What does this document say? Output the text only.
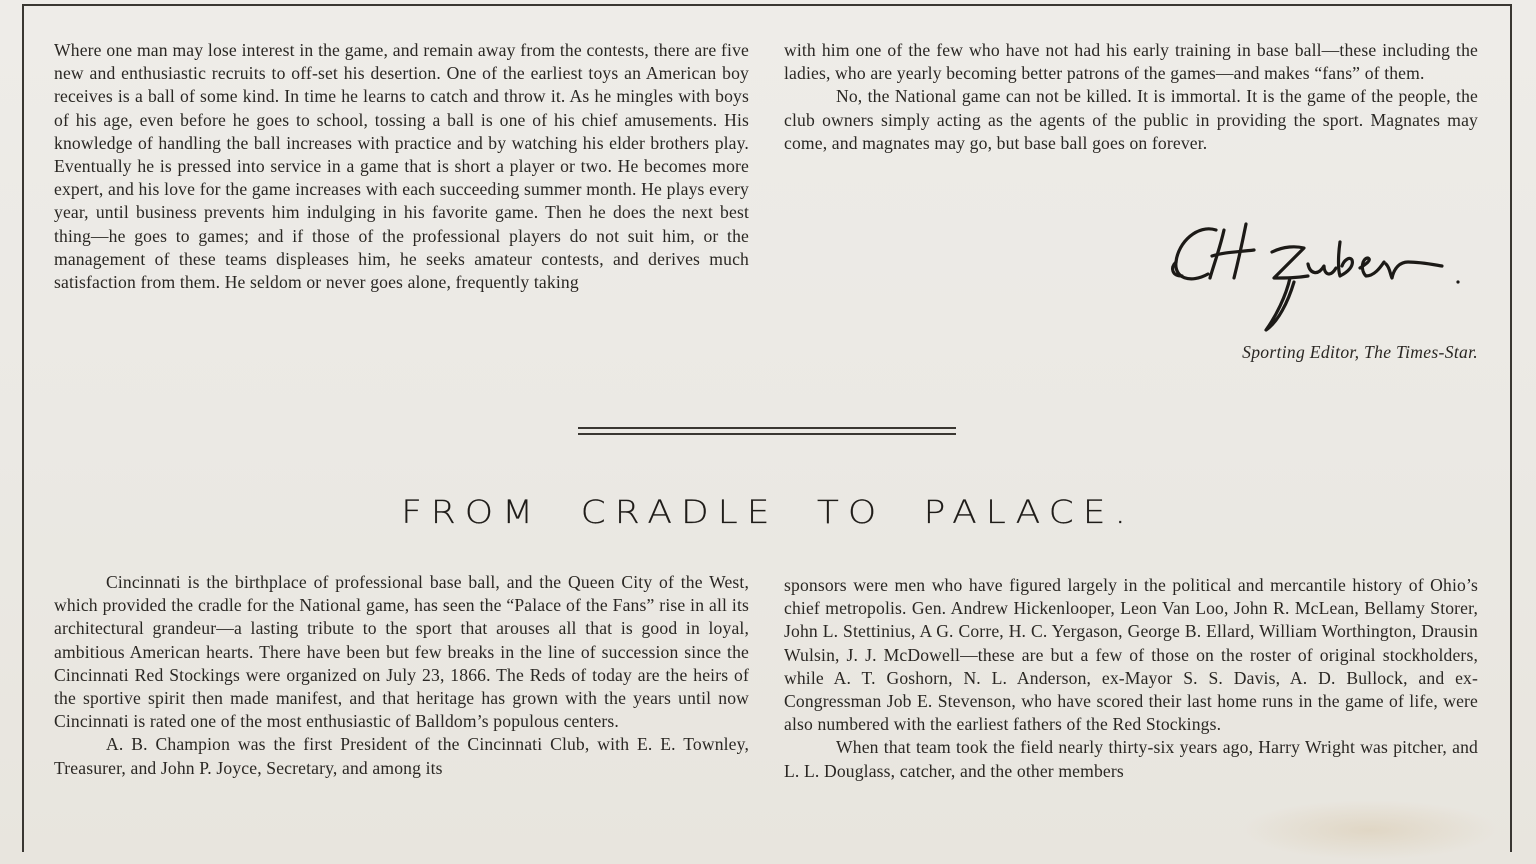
Where one man may lose interest in the game, and remain away from the contests, there are five new and enthusiastic recruits to off-set his desertion. One of the earliest toys an American boy receives is a ball of some kind. In time he learns to catch and throw it. As he mingles with boys of his age, even before he goes to school, tossing a ball is one of his chief amusements. His knowledge of handling the ball increases with practice and by watching his elder brothers play. Eventually he is pressed into service in a game that is short a player or two. He becomes more expert, and his love for the game increases with each succeeding summer month. He plays every year, until business prevents him indulging in his favorite game. Then he does the next best thing—he goes to games; and if those of the professional players do not suit him, or the management of these teams displeases him, he seeks amateur contests, and derives much satisfaction from them. He seldom or never goes alone, frequently taking

with him one of the few who have not had his early training in base ball—these including the ladies, who are yearly becoming better patrons of the games—and makes “fans” of them.

No, the National game can not be killed. It is immortal. It is the game of the people, the club owners simply acting as the agents of the public in providing the sport. Magnates may come, and magnates may go, but base ball goes on forever.

Sporting Editor, The Times-Star.
FROM CRADLE TO PALACE.

Cincinnati is the birthplace of professional base ball, and the Queen City of the West, which provided the cradle for the National game, has seen the “Palace of the Fans” rise in all its architectural grandeur—a lasting tribute to the sport that arouses all that is good in loyal, ambitious American hearts. There have been but few breaks in the line of succession since the Cincinnati Red Stockings were organized on July 23, 1866. The Reds of today are the heirs of the sportive spirit then made manifest, and that heritage has grown with the years until now Cincinnati is rated one of the most enthusiastic of Balldom’s populous centers.

A. B. Champion was the first President of the Cincinnati Club, with E. E. Townley, Treasurer, and John P. Joyce, Secretary, and among its

sponsors were men who have figured largely in the political and mercantile history of Ohio’s chief metropolis. Gen. Andrew Hickenlooper, Leon Van Loo, John R. McLean, Bellamy Storer, John L. Stettinius, A G. Corre, H. C. Yergason, George B. Ellard, William Worthington, Drausin Wulsin, J. J. McDowell—these are but a few of those on the roster of original stockholders, while A. T. Goshorn, N. L. Anderson, ex-Mayor S. S. Davis, A. D. Bullock, and ex-Congressman Job E. Stevenson, who have scored their last home runs in the game of life, were also numbered with the earliest fathers of the Red Stockings.

When that team took the field nearly thirty-six years ago, Harry Wright was pitcher, and L. L. Douglass, catcher, and the other members
